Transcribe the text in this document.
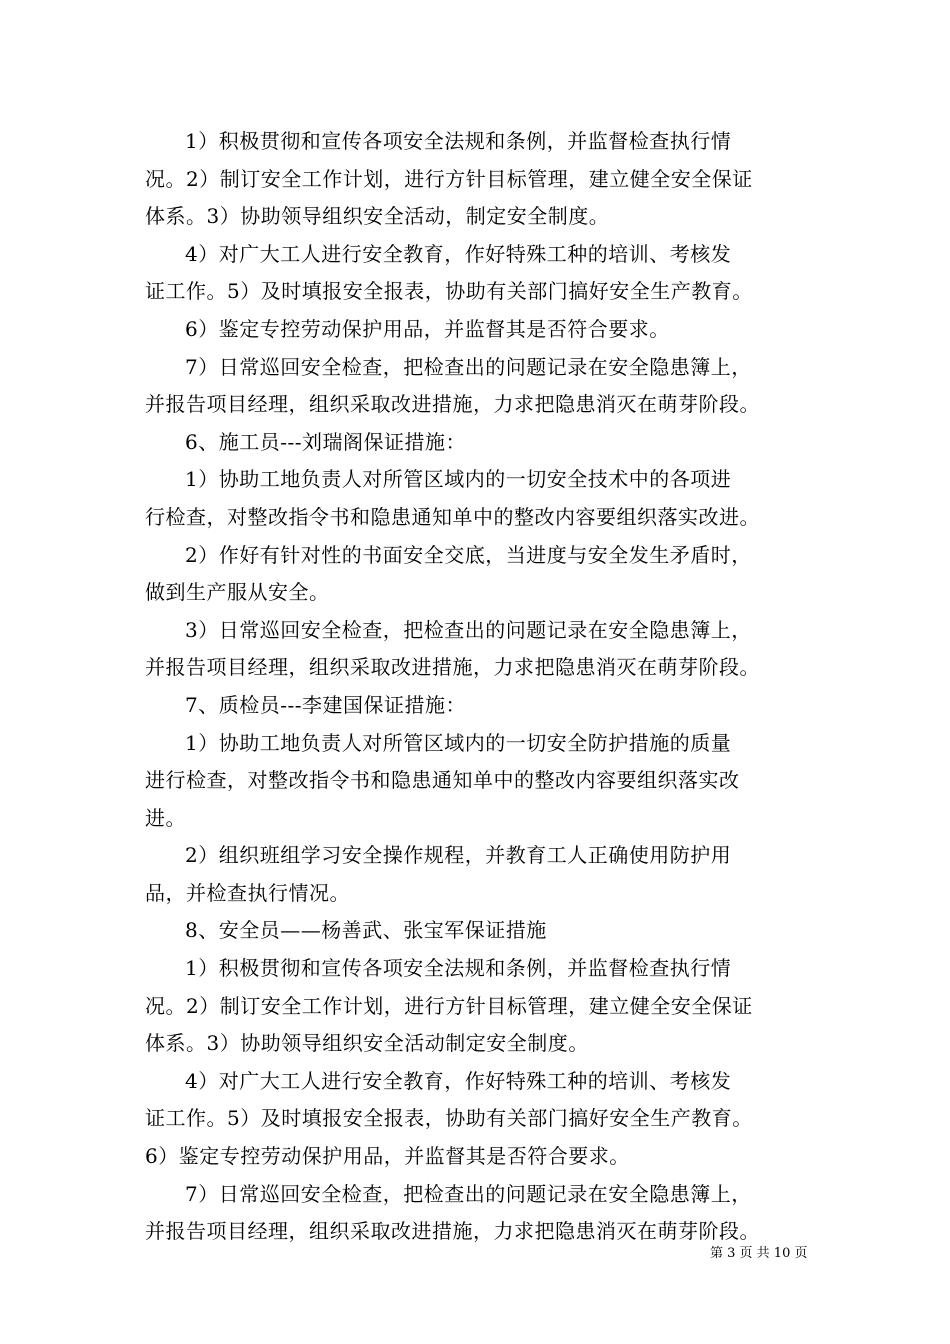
1）积极贯彻和宣传各项安全法规和条例，并监督检查执行情
况。2）制订安全工作计划，进行方针目标管理，建立健全安全保证
体系。3）协助领导组织安全活动，制定安全制度。

4）对广大工人进行安全教育，作好特殊工种的培训、考核发
证工作。5）及时填报安全报表，协助有关部门搞好安全生产教育。

6）鉴定专控劳动保护用品，并监督其是否符合要求。

7）日常巡回安全检查，把检查出的问题记录在安全隐患簿上，
并报告项目经理，组织采取改进措施，力求把隐患消灭在萌芽阶段。

6、施工员---刘瑞阁保证措施：

1）协助工地负责人对所管区域内的一切安全技术中的各项进
行检查，对整改指令书和隐患通知单中的整改内容要组织落实改进。

2）作好有针对性的书面安全交底，当进度与安全发生矛盾时，
做到生产服从安全。

3）日常巡回安全检查，把检查出的问题记录在安全隐患簿上，
并报告项目经理，组织采取改进措施，力求把隐患消灭在萌芽阶段。

7、质检员---李建国保证措施：

1）协助工地负责人对所管区域内的一切安全防护措施的质量
进行检查，对整改指令书和隐患通知单中的整改内容要组织落实改
进。

2）组织班组学习安全操作规程，并教育工人正确使用防护用
品，并检查执行情况。

8、安全员——杨善武、张宝军保证措施

1）积极贯彻和宣传各项安全法规和条例，并监督检查执行情
况。2）制订安全工作计划，进行方针目标管理，建立健全安全保证
体系。3）协助领导组织安全活动制定安全制度。

4）对广大工人进行安全教育，作好特殊工种的培训、考核发
证工作。5）及时填报安全报表，协助有关部门搞好安全生产教育。
6）鉴定专控劳动保护用品，并监督其是否符合要求。

7）日常巡回安全检查，把检查出的问题记录在安全隐患簿上，
并报告项目经理，组织采取改进措施，力求把隐患消灭在萌芽阶段。

第 3 页 共 10 页
